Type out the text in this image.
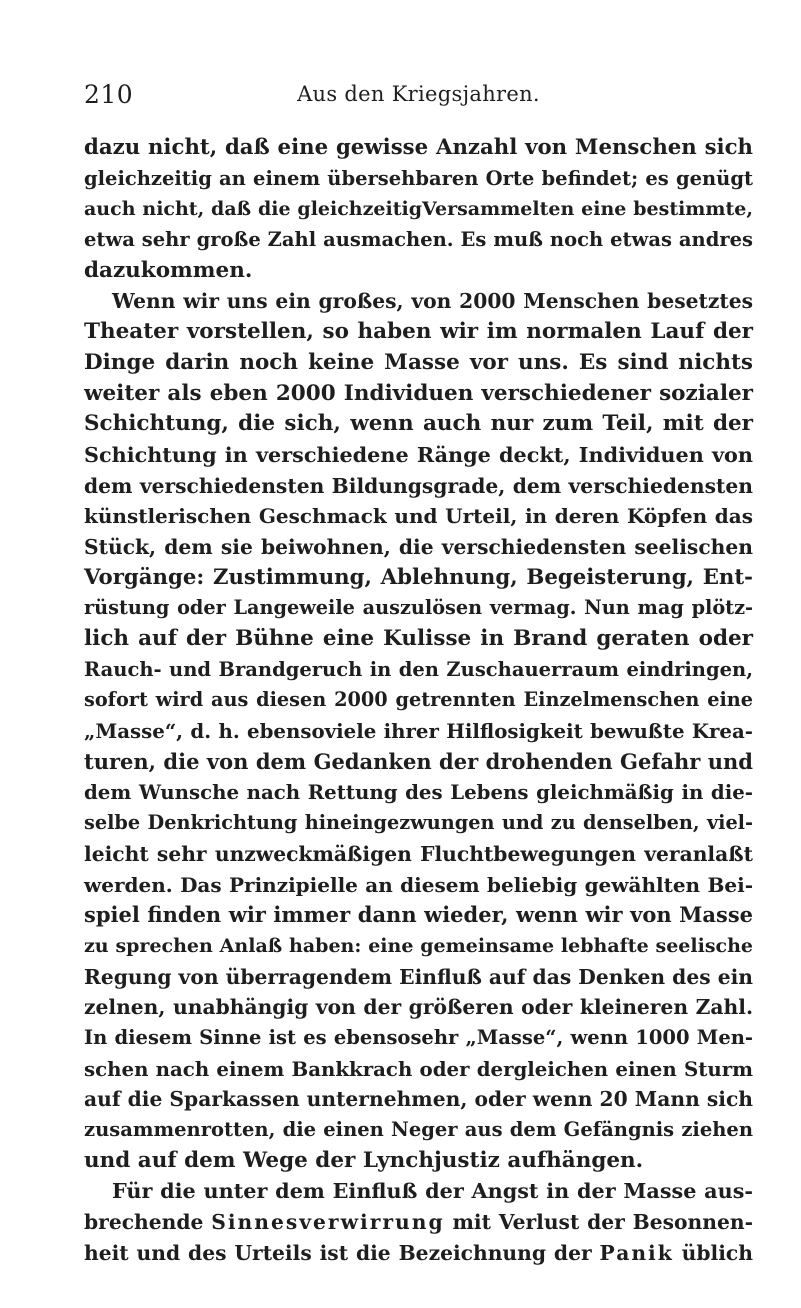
210	Aus den Kriegsjahren.
dazu nicht, daß eine gewisse Anzahl von Menschen sich
gleichzeitig an einem übersehbaren Orte befindet; es genügt
auch nicht, daß die gleichzeitigVersammelten eine bestimmte,
etwa sehr große Zahl ausmachen. Es muß noch etwas andres
dazukommen.
Wenn wir uns ein großes, von 2000 Menschen besetztes
Theater vorstellen, so haben wir im normalen Lauf der
Dinge darin noch keine Masse vor uns. Es sind nichts
weiter als eben 2000 Individuen verschiedener sozialer
Schichtung, die sich, wenn auch nur zum Teil, mit der
Schichtung in verschiedene Ränge deckt, Individuen von
dem verschiedensten Bildungsgrade, dem verschiedensten
künstlerischen Geschmack und Urteil, in deren Köpfen das
Stück, dem sie beiwohnen, die verschiedensten seelischen
Vorgänge: Zustimmung, Ablehnung, Begeisterung, Ent-
rüstung oder Langeweile auszulösen vermag. Nun mag plötz-
lich auf der Bühne eine Kulisse in Brand geraten oder
Rauch- und Brandgeruch in den Zuschauerraum eindringen,
sofort wird aus diesen 2000 getrennten Einzelmenschen eine
„Masse“, d. h. ebensoviele ihrer Hilflosigkeit bewußte Krea-
turen, die von dem Gedanken der drohenden Gefahr und
dem Wunsche nach Rettung des Lebens gleichmäßig in die-
selbe Denkrichtung hineingezwungen und zu denselben, viel-
leicht sehr unzweckmäßigen Fluchtbewegungen veranlaßt
werden. Das Prinzipielle an diesem beliebig gewählten Bei-
spiel finden wir immer dann wieder, wenn wir von Masse
zu sprechen Anlaß haben: eine gemeinsame lebhafte seelische
Regung von überragendem Einfluß auf das Denken des ein
zelnen, unabhängig von der größeren oder kleineren Zahl.
In diesem Sinne ist es ebensosehr „Masse“, wenn 1000 Men-
schen nach einem Bankkrach oder dergleichen einen Sturm
auf die Sparkassen unternehmen, oder wenn 20 Mann sich
zusammenrotten, die einen Neger aus dem Gefängnis ziehen
und auf dem Wege der Lynchjustiz aufhängen.
Für die unter dem Einfluß der Angst in der Masse aus-
brechende Sinnesverwirrung mit Verlust der Besonnen-
heit und des Urteils ist die Bezeichnung der Panik üblich
